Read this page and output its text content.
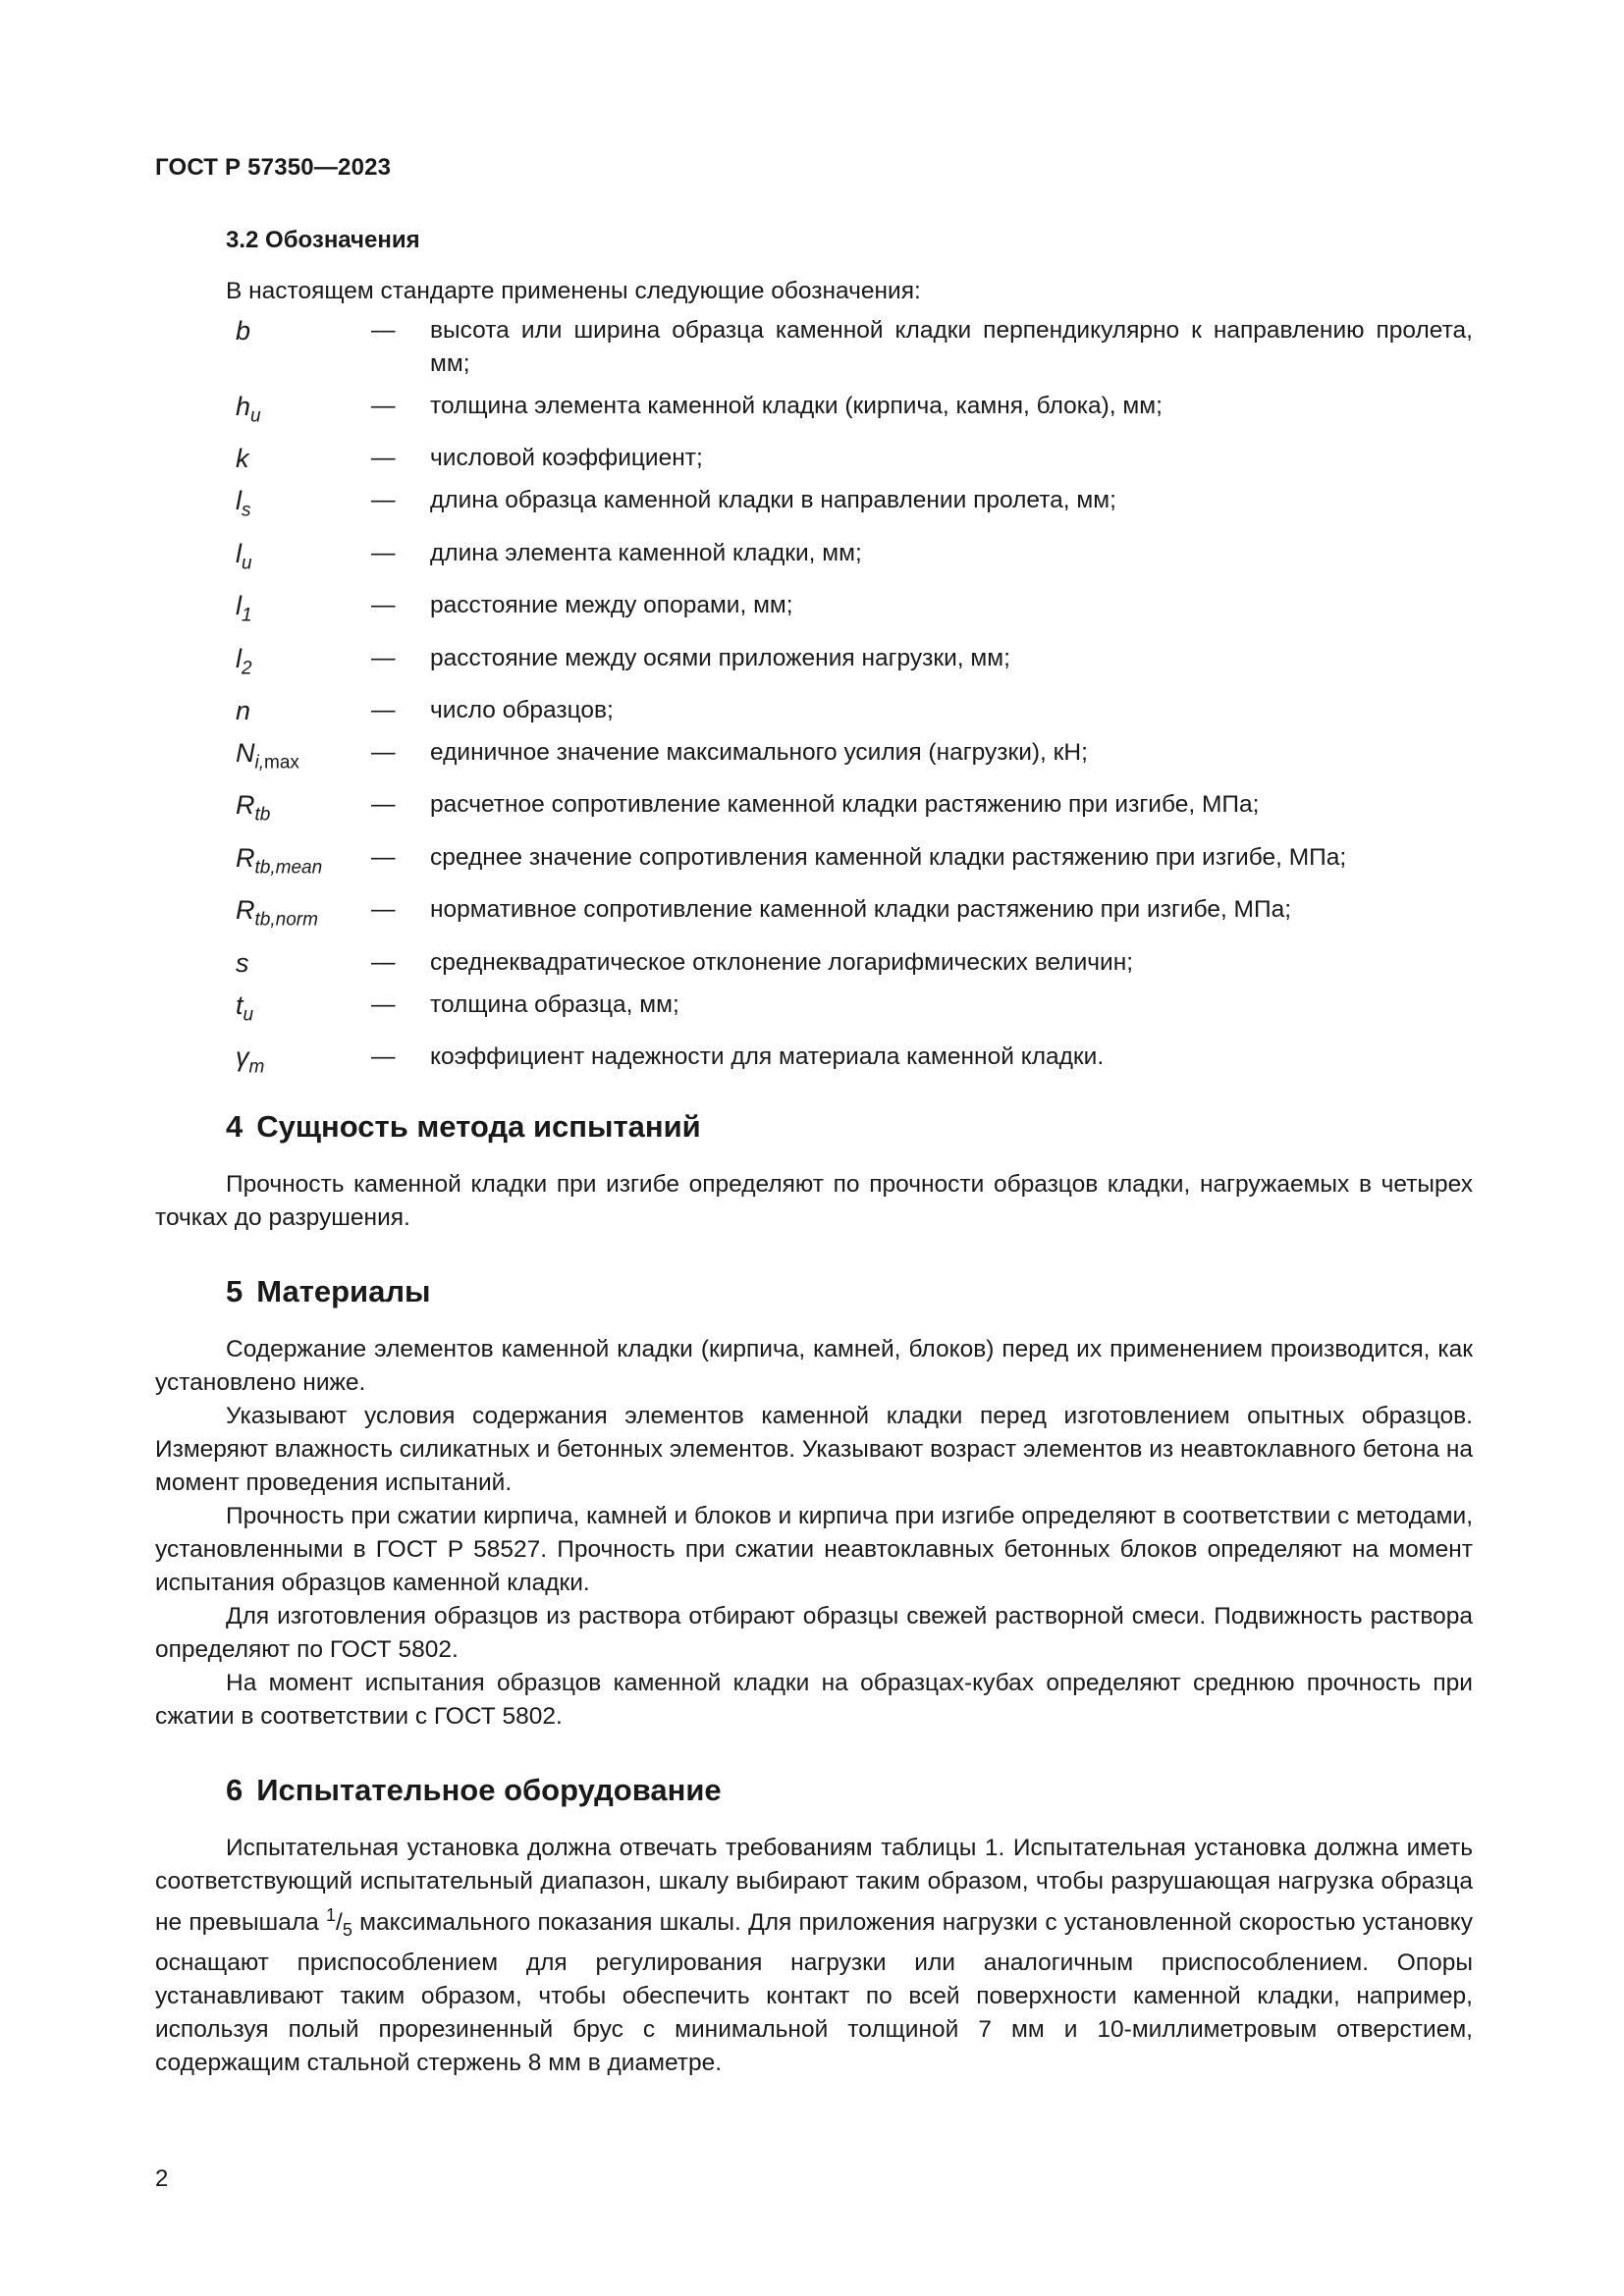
ГОСТ Р 57350—2023
3.2 Обозначения

В настоящем стандарте применены следующие обозначения:

b	—	высота или ширина образца каменной кладки перпендикулярно к направлению пролета, мм;
$h_u$	—	толщина элемента каменной кладки (кирпича, камня, блока), мм;
k	—	числовой коэффициент;
$l_s$	—	длина образца каменной кладки в направлении пролета, мм;
$l_u$	—	длина элемента каменной кладки, мм;
$l_1$	—	расстояние между опорами, мм;
$l_2$	—	расстояние между осями приложения нагрузки, мм;
n	—	число образцов;
$N_{i,max}$	—	единичное значение максимального усилия (нагрузки), кН;
$R_{tb}$	—	расчетное сопротивление каменной кладки растяжению при изгибе, МПа;
$R_{tb,mean}$	—	среднее значение сопротивления каменной кладки растяжению при изгибе, МПа;
$R_{tb,norm}$	—	нормативное сопротивление каменной кладки растяжению при изгибе, МПа;
s	—	среднеквадратическое отклонение логарифмических величин;
$t_u$	—	толщина образца, мм;
$\gamma_m$	—	коэффициент надежности для материала каменной кладки.
4 Сущность метода испытаний

Прочность каменной кладки при изгибе определяют по прочности образцов кладки, нагружаемых в четырех точках до разрушения.

5 Материалы

Содержание элементов каменной кладки (кирпича, камней, блоков) перед их применением производится, как установлено ниже.

Указывают условия содержания элементов каменной кладки перед изготовлением опытных образцов. Измеряют влажность силикатных и бетонных элементов. Указывают возраст элементов из неавтоклавного бетона на момент проведения испытаний.

Прочность при сжатии кирпича, камней и блоков и кирпича при изгибе определяют в соответствии с методами, установленными в ГОСТ Р 58527. Прочность при сжатии неавтоклавных бетонных блоков определяют на момент испытания образцов каменной кладки.

Для изготовления образцов из раствора отбирают образцы свежей растворной смеси. Подвижность раствора определяют по ГОСТ 5802.

На момент испытания образцов каменной кладки на образцах-кубах определяют среднюю прочность при сжатии в соответствии с ГОСТ 5802.

6 Испытательное оборудование

Испытательная установка должна отвечать требованиям таблицы 1. Испытательная установка должна иметь соответствующий испытательный диапазон, шкалу выбирают таким образом, чтобы разрушающая нагрузка образца не превышала $^1/_5$ максимального показания шкалы. Для приложения нагрузки с установленной скоростью установку оснащают приспособлением для регулирования нагрузки или аналогичным приспособлением. Опоры устанавливают таким образом, чтобы обеспечить контакт по всей поверхности каменной кладки, например, используя полый прорезиненный брус с минимальной толщиной 7 мм и 10-миллиметровым отверстием, содержащим стальной стержень 8 мм в диаметре.

2
